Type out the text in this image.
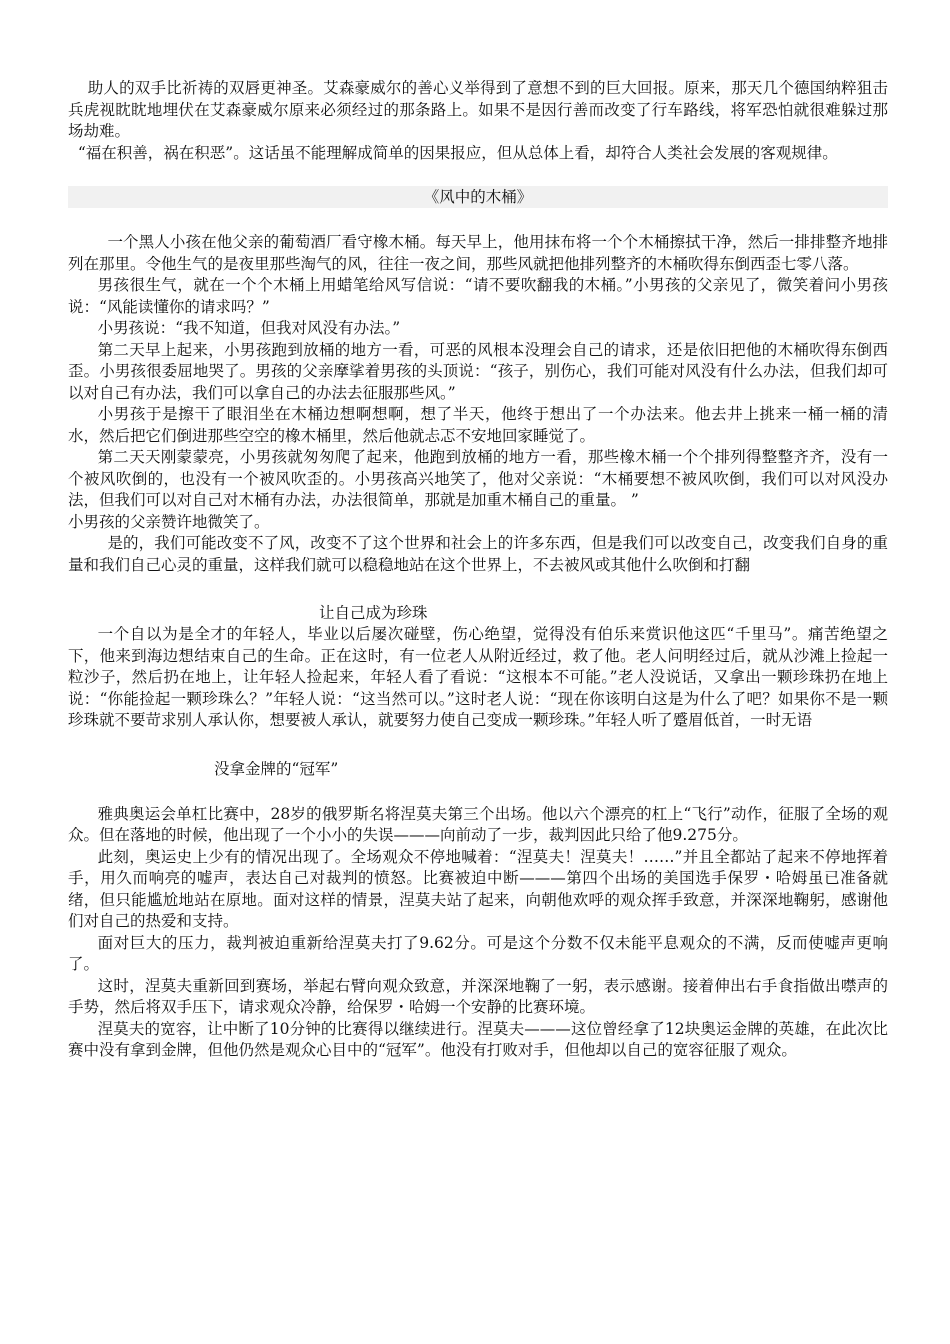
助人的双手比祈祷的双唇更神圣。艾森豪威尔的善心义举得到了意想不到的巨大回报。原来，那天几个德国纳粹狙击兵虎视眈眈地埋伏在艾森豪威尔原来必须经过的那条路上。如果不是因行善而改变了行车路线，将军恐怕就很难躲过那场劫难。

“福在积善，祸在积恶”。这话虽不能理解成简单的因果报应，但从总体上看，却符合人类社会发展的客观规律。

《风中的木桶》

一个黑人小孩在他父亲的葡萄酒厂看守橡木桶。每天早上，他用抹布将一个个木桶擦拭干净，然后一排排整齐地排列在那里。令他生气的是夜里那些淘气的风，往往一夜之间，那些风就把他排列整齐的木桶吹得东倒西歪七零八落。

男孩很生气，就在一个个木桶上用蜡笔给风写信说：“请不要吹翻我的木桶。”小男孩的父亲见了，微笑着问小男孩说：“风能读懂你的请求吗？”

小男孩说：“我不知道，但我对风没有办法。”

第二天早上起来，小男孩跑到放桶的地方一看，可恶的风根本没理会自己的请求，还是依旧把他的木桶吹得东倒西歪。小男孩很委屈地哭了。男孩的父亲摩挲着男孩的头顶说：“孩子，别伤心，我们可能对风没有什么办法，但我们却可以对自己有办法，我们可以拿自己的办法去征服那些风。”

小男孩于是擦干了眼泪坐在木桶边想啊想啊，想了半天，他终于想出了一个办法来。他去井上挑来一桶一桶的清水，然后把它们倒进那些空空的橡木桶里，然后他就忐忑不安地回家睡觉了。

第二天天刚蒙蒙亮，小男孩就匆匆爬了起来，他跑到放桶的地方一看，那些橡木桶一个个排列得整整齐齐，没有一个被风吹倒的，也没有一个被风吹歪的。小男孩高兴地笑了，他对父亲说：“木桶要想不被风吹倒，我们可以对风没办法，但我们可以对自己对木桶有办法，办法很简单，那就是加重木桶自己的重量。 ”

小男孩的父亲赞许地微笑了。

是的，我们可能改变不了风，改变不了这个世界和社会上的许多东西，但是我们可以改变自己，改变我们自身的重量和我们自己心灵的重量，这样我们就可以稳稳地站在这个世界上，不去被风或其他什么吹倒和打翻

让自己成为珍珠

一个自以为是全才的年轻人，毕业以后屡次碰壁，伤心绝望，觉得没有伯乐来赏识他这匹“千里马”。痛苦绝望之下，他来到海边想结束自己的生命。正在这时，有一位老人从附近经过，救了他。老人问明经过后，就从沙滩上捡起一粒沙子，然后扔在地上，让年轻人捡起来，年轻人看了看说：“这根本不可能。”老人没说话，又拿出一颗珍珠扔在地上说：“你能捡起一颗珍珠么？”年轻人说：“这当然可以。”这时老人说：“现在你该明白这是为什么了吧？如果你不是一颗珍珠就不要苛求别人承认你，想要被人承认，就要努力使自己变成一颗珍珠。”年轻人听了蹙眉低首，一时无语

没拿金牌的“冠军”

雅典奥运会单杠比赛中，28岁的俄罗斯名将涅莫夫第三个出场。他以六个漂亮的杠上“飞行”动作，征服了全场的观众。但在落地的时候，他出现了一个小小的失误———向前动了一步，裁判因此只给了他9.275分。

此刻，奥运史上少有的情况出现了。全场观众不停地喊着：“涅莫夫！涅莫夫！……”并且全都站了起来不停地挥着手，用久而响亮的嘘声，表达自己对裁判的愤怒。比赛被迫中断———第四个出场的美国选手保罗・哈姆虽已准备就绪，但只能尴尬地站在原地。面对这样的情景，涅莫夫站了起来，向朝他欢呼的观众挥手致意，并深深地鞠躬，感谢他们对自己的热爱和支持。

面对巨大的压力，裁判被迫重新给涅莫夫打了9.62分。可是这个分数不仅未能平息观众的不满，反而使嘘声更响了。

这时，涅莫夫重新回到赛场，举起右臂向观众致意，并深深地鞠了一躬，表示感谢。接着伸出右手食指做出噤声的手势，然后将双手压下，请求观众冷静，给保罗・哈姆一个安静的比赛环境。

涅莫夫的宽容，让中断了10分钟的比赛得以继续进行。涅莫夫———这位曾经拿了12块奥运金牌的英雄，在此次比赛中没有拿到金牌，但他仍然是观众心目中的“冠军”。他没有打败对手，但他却以自己的宽容征服了观众。
